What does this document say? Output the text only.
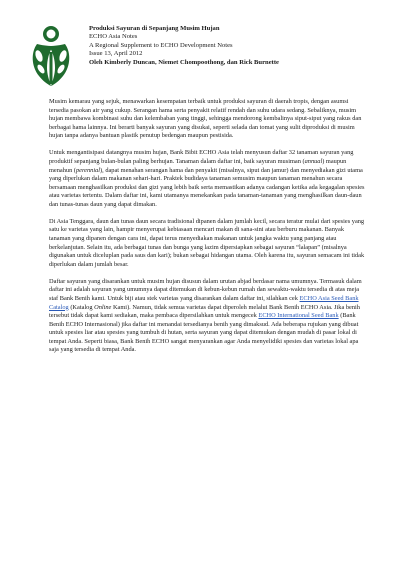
Produksi Sayuran di Sepanjang Musim Hujan
ECHO Asia Notes
A Regional Supplement to ECHO Development Notes
Issue 13, April 2012
Oleh Kimberly Duncan, Niemet Chompoothong, dan Rick Burnette

Musim kemarau yang sejuk, menawarkan kesempatan terbaik untuk produksi sayuran di daerah tropis, dengan asumsi tersedia pasokan air yang cukup. Serangan hama serta penyakit relatif rendah dan suhu udara sedang. Sebaliknya, musim hujan membawa kombinasi suhu dan kelembaban yang tinggi, sehingga mendorong kembalinya siput-siput yang rakus dan berbagai hama lainnya. Ini berarti banyak sayuran yang disukai, seperti selada dan tomat yang sulit diproduksi di musim hujan tanpa adanya bantuan plastik penutup bedengan maupun pestisida.

Untuk mengantisipasi datangnya musim hujan, Bank Bibit ECHO Asia telah menyusun daftar 32 tanaman sayuran yang produktif sepanjang bulan-bulan paling berhujan. Tanaman dalam daftar ini, baik sayuran musiman (annual) maupun menahun (perennial), dapat menahan serangan hama dan penyakit (misalnya, siput dan jamur) dan menyediakan gizi utama yang diperlukan dalam makanan sehari-hari. Praktek budidaya tanaman semusim maupun tanaman menahun secara bersamaan menghasilkan produksi dan gizi yang lebih baik serta memastikan adanya cadangan ketika ada kegagalan spesies atau varietas tertentu. Dalam daftar ini, kami utamanya menekankan pada tanaman-tanaman yang menghasilkan daun-daun dan tunas-tunas daun yang dapat dimakan.

Di Asia Tenggara, daun dan tunas daun secara tradisional dipanen dalam jumlah kecil, secara teratur mulai dari spesies yang satu ke varietas yang lain, hampir menyerupai kebiasaan mencari makan di sana-sini atau berburu makanan. Banyak tanaman yang dipanen dengan cara ini, dapat terus menyediakan makanan untuk jangka waktu yang panjang atau berkelanjutan. Selain itu, ada berbagai tunas dan bunga yang lazim dipersiapkan sebagai sayuran “lalapan” (misalnya digunakan untuk diceluplan pada saus dan kari); bukan sebagai hidangan utama. Oleh karena itu, sayuran semacam ini tidak diperlukan dalam jumlah besar.

Daftar sayuran yang disarankan untuk musim hujan disusun dalam urutan abjad berdasar nama umumnya. Termasuk dalam daftar ini adalah sayuran yang umumnya dapat ditemukan di kebun-kebun rumah dan sewaktu-waktu tersedia di atas meja staf Bank Benih kami. Untuk biji atau stek varietas yang disarankan dalam daftar ini, silahkan cek ECHO Asia Seed Bank Catalog (Katalog Online Kami). Namun, tidak semua varietas dapat diperoleh melalui Bank Benih ECHO Asia. Jika benih tersebut tidak dapat kami sediakan, maka pembaca dipersilahkan untuk mengecek ECHO International Seed Bank (Bank Benih ECHO Internasional) jika daftar ini menandai tersedianya benih yang dimaksud. Ada beberapa rujukan yang dibuat untuk spesies liar atau spesies yang tumbuh di hutan, serta sayuran yang dapat ditemukan dengan mudah di pasar lokal di tempat Anda. Seperti biasa, Bank Benih ECHO sangat menyarankan agar Anda menyelidiki spesies dan varietas lokal apa saja yang tersedia di tempat Anda.
